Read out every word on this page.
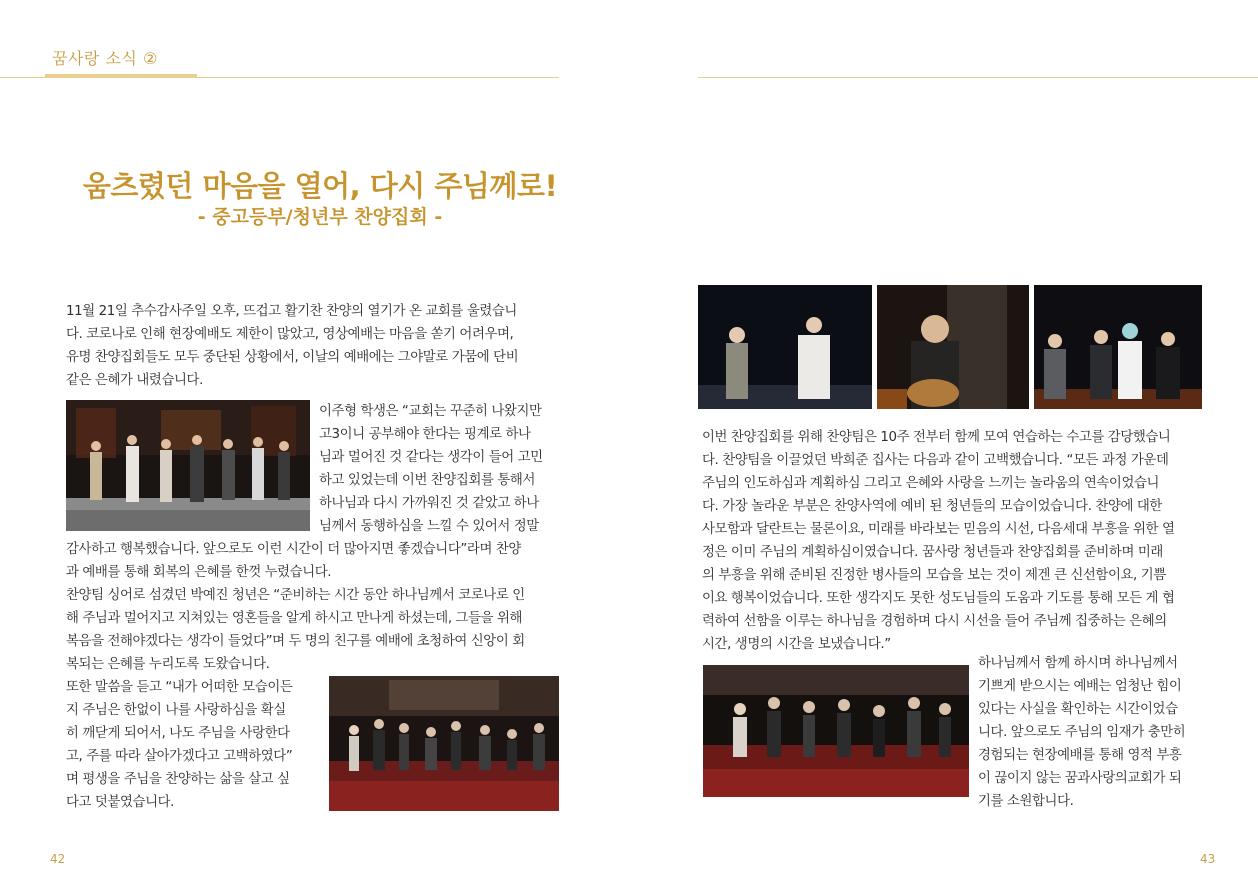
꿈사랑 소식 ②
움츠렸던 마음을 열어, 다시 주님께로!
- 중고등부/청년부 찬양집회 -
11월 21일 추수감사주일 오후, 뜨겁고 활기찬 찬양의 열기가 온 교회를 울렸습니
다. 코로나로 인해 현장예배도 제한이 많았고, 영상예배는 마음을 쏟기 어려우며,
유명 찬양집회들도 모두 중단된 상황에서, 이날의 예배에는 그야말로 가뭄에 단비
같은 은혜가 내렸습니다.
이주형 학생은 “교회는 꾸준히 나왔지만
고3이니 공부해야 한다는 핑계로 하나
님과 멀어진 것 같다는 생각이 들어 고민
하고 있었는데 이번 찬양집회를 통해서
하나님과 다시 가까워진 것 같았고 하나
님께서 동행하심을 느낄 수 있어서 정말
감사하고 행복했습니다. 앞으로도 이런 시간이 더 많아지면 좋겠습니다”라며 찬양
과 예배를 통해 회복의 은혜를 한껏 누렸습니다.
찬양팀 싱어로 섬겼던 박예진 청년은 “준비하는 시간 동안 하나님께서 코로나로 인
해 주님과 멀어지고 지쳐있는 영혼들을 알게 하시고 만나게 하셨는데, 그들을 위해
복음을 전해야겠다는 생각이 들었다”며 두 명의 친구를 예배에 초청하여 신앙이 회
복되는 은혜를 누리도록 도왔습니다.
또한 말씀을 듣고 “내가 어떠한 모습이든
지 주님은 한없이 나를 사랑하심을 확실
히 깨닫게 되어서, 나도 주님을 사랑한다
고, 주를 따라 살아가겠다고 고백하였다”
며 평생을 주님을 찬양하는 삶을 살고 싶
다고 덧붙였습니다.
42
이번 찬양집회를 위해 찬양팀은 10주 전부터 함께 모여 연습하는 수고를 감당했습니
다. 찬양팀을 이끌었던 박희준 집사는 다음과 같이 고백했습니다. “모든 과정 가운데
주님의 인도하심과 계획하심 그리고 은혜와 사랑을 느끼는 놀라움의 연속이었습니
다. 가장 놀라운 부분은 찬양사역에 예비 된 청년들의 모습이었습니다. 찬양에 대한
사모함과 달란트는 물론이요, 미래를 바라보는 믿음의 시선, 다음세대 부흥을 위한 열
정은 이미 주님의 계획하심이였습니다. 꿈사랑 청년들과 찬양집회를 준비하며 미래
의 부흥을 위해 준비된 진정한 병사들의 모습을 보는 것이 제겐 큰 신선함이요, 기쁨
이요 행복이었습니다. 또한 생각지도 못한 성도님들의 도움과 기도를 통해 모든 게 협
력하여 선함을 이루는 하나님을 경험하며 다시 시선을 들어 주님께 집중하는 은혜의
시간, 생명의 시간을 보냈습니다.”
하나님께서 함께 하시며 하나님께서
기쁘게 받으시는 예배는 엄청난 힘이
있다는 사실을 확인하는 시간이었습
니다. 앞으로도 주님의 임재가 충만히
경험되는 현장예배를 통해 영적 부흥
이 끊이지 않는 꿈과사랑의교회가 되
기를 소원합니다.
43
